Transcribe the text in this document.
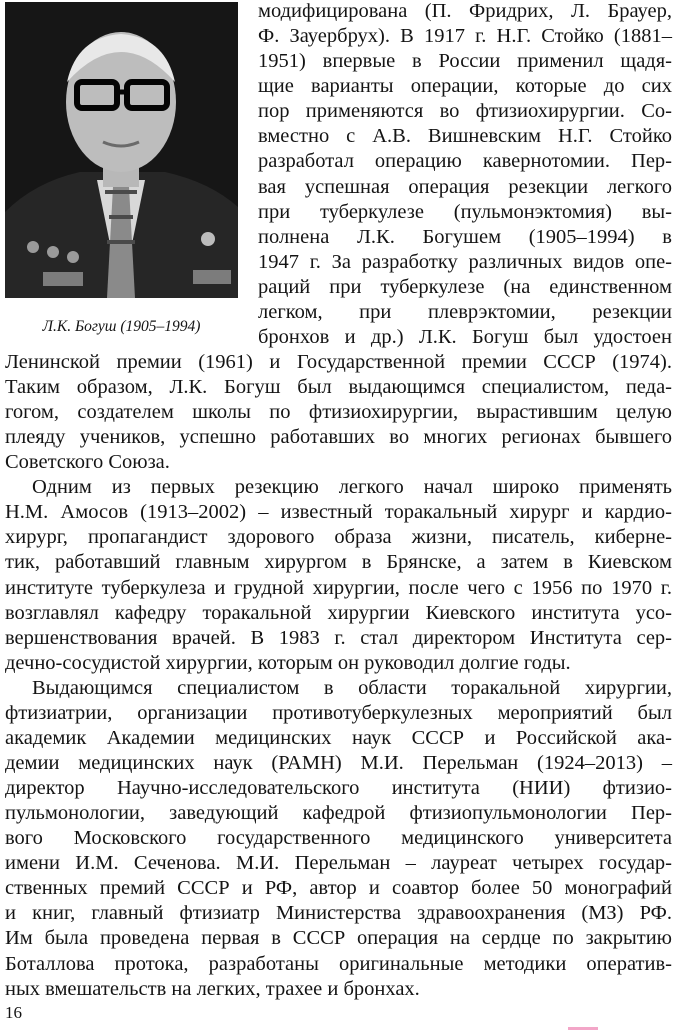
Л.К. Богуш (1905–1994)
модифицирована (П. Фридрих, Л. Брауер,
Ф. Зауербрух). В 1917 г. Н.Г. Стойко (1881–
1951) впервые в России применил щадя-
щие варианты операции, которые до сих
пор применяются во фтизиохирургии. Со-
вместно с А.В. Вишневским Н.Г. Стойко
разработал операцию кавернотомии. Пер-
вая успешная операция резекции легкого
при туберкулезе (пульмонэктомия) вы-
полнена Л.К. Богушем (1905–1994) в
1947 г. За разработку различных видов опе-
раций при туберкулезе (на единственном
легком, при плеврэктомии, резекции
бронхов и др.) Л.К. Богуш был удостоен
Ленинской премии (1961) и Государственной премии СССР (1974).
Таким образом, Л.К. Богуш был выдающимся специалистом, педа-
гогом, создателем школы по фтизиохирургии, вырастившим целую
плеяду учеников, успешно работавших во многих регионах бывшего
Советского Союза.
Одним из первых резекцию легкого начал широко применять
Н.М. Амосов (1913–2002) – известный торакальный хирург и кардио-
хирург, пропагандист здорового образа жизни, писатель, киберне-
тик, работавший главным хирургом в Брянске, а затем в Киевском
институте туберкулеза и грудной хирургии, после чего с 1956 по 1970 г.
возглавлял кафедру торакальной хирургии Киевского института усо-
вершенствования врачей. В 1983 г. стал директором Института сер-
дечно-сосудистой хирургии, которым он руководил долгие годы.
Выдающимся специалистом в области торакальной хирургии,
фтизиатрии, организации противотуберкулезных мероприятий был
академик Академии медицинских наук СССР и Российской ака-
демии медицинских наук (РАМН) М.И. Перельман (1924–2013) –
директор Научно-исследовательского института (НИИ) фтизио-
пульмонологии, заведующий кафедрой фтизиопульмонологии Пер-
вого Московского государственного медицинского университета
имени И.М. Сеченова. М.И. Перельман – лауреат четырех государ-
ственных премий СССР и РФ, автор и соавтор более 50 монографий
и книг, главный фтизиатр Министерства здравоохранения (МЗ) РФ.
Им была проведена первая в СССР операция на сердце по закрытию
Боталлова протока, разработаны оригинальные методики оператив-
ных вмешательств на легких, трахее и бронхах.
16
